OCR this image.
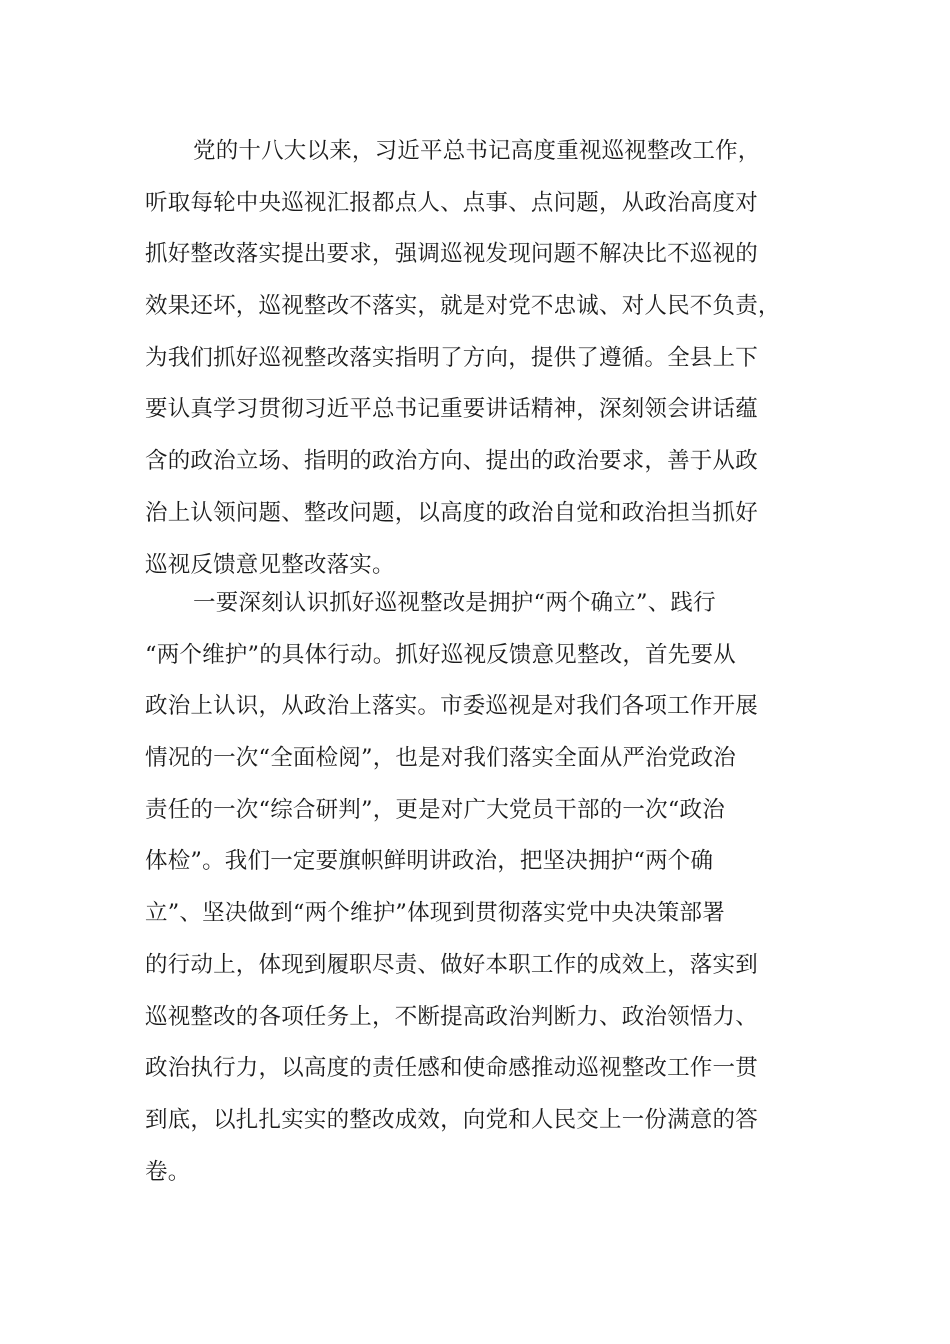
党的十八大以来，习近平总书记高度重视巡视整改工作，
听取每轮中央巡视汇报都点人、点事、点问题，从政治高度对
抓好整改落实提出要求，强调巡视发现问题不解决比不巡视的
效果还坏，巡视整改不落实，就是对党不忠诚、对人民不负责，
为我们抓好巡视整改落实指明了方向，提供了遵循。全县上下
要认真学习贯彻习近平总书记重要讲话精神，深刻领会讲话蕴
含的政治立场、指明的政治方向、提出的政治要求，善于从政
治上认领问题、整改问题，以高度的政治自觉和政治担当抓好
巡视反馈意见整改落实。
一要深刻认识抓好巡视整改是拥护“两个确立”、践行
“两个维护”的具体行动。抓好巡视反馈意见整改，首先要从
政治上认识，从政治上落实。市委巡视是对我们各项工作开展
情况的一次“全面检阅”，也是对我们落实全面从严治党政治
责任的一次“综合研判”，更是对广大党员干部的一次“政治
体检”。我们一定要旗帜鲜明讲政治，把坚决拥护“两个确
立”、坚决做到“两个维护”体现到贯彻落实党中央决策部署
的行动上，体现到履职尽责、做好本职工作的成效上，落实到
巡视整改的各项任务上，不断提高政治判断力、政治领悟力、
政治执行力，以高度的责任感和使命感推动巡视整改工作一贯
到底，以扎扎实实的整改成效，向党和人民交上一份满意的答
卷。
